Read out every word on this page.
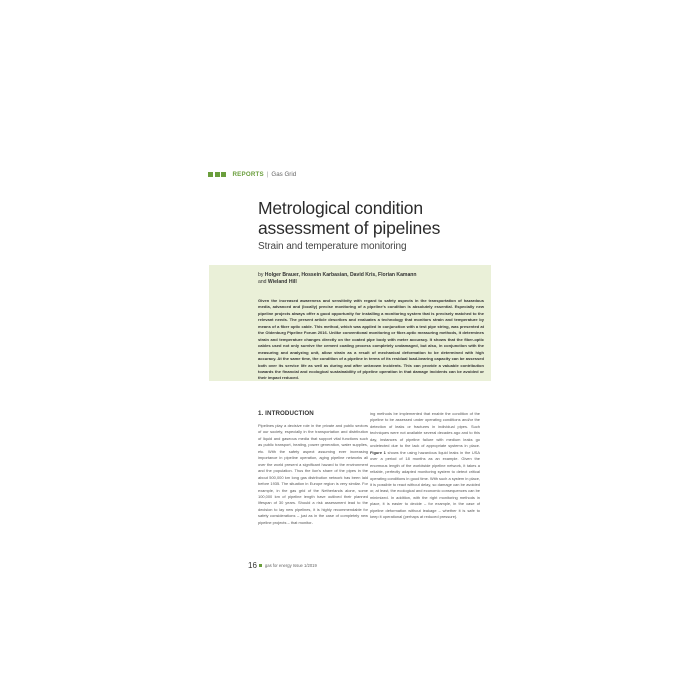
REPORTS | Gas Grid
Metrological condition
assessment of pipelines
Strain and temperature monitoring
by Holger Brauer, Hossein Karbasian, David Kris, Florian Kamann
and Wieland Hill
Given the increased awareness and sensitivity with regard to safety aspects in the transportation of hazardous media, advanced and (locally) precise monitoring of a pipeline's condition is absolutely essential. Especially new pipeline projects always offer a good opportunity for installing a monitoring system that is precisely matched to the relevant needs. The present article describes and evaluates a technology that monitors strain and temperature by means of a fiber optic cable. This method, which was applied in conjunction with a test pipe string, was presented at the Oldenburg Pipeline Forum 2016. Unlike conventional monitoring or fiber-optic measuring methods, it determines strain and temperature changes directly on the coated pipe body with meter accuracy. It shows that the fiber-optic cables used not only survive the cement coating process completely undamaged, but also, in conjunction with the measuring and analyzing unit, allow strain as a result of mechanical deformation to be determined with high accuracy. At the same time, the condition of a pipeline in terms of its residual load-bearing capacity can be assessed both over its service life as well as during and after unknown incidents. This can provide a valuable contribution towards the financial and ecological sustainability of pipeline operation in that damage incidents can be avoided or their impact reduced.
1. INTRODUCTION
Pipelines play a decisive role in the private and public sectors of our society, especially in the transportation and distribution of liquid and gaseous media that support vital functions such as public transport, heating, power generation, water supplies, etc. With the safety aspect assuming ever increasing importance in pipeline operation, aging pipeline networks all over the world present a significant hazard to the environment and the population. Thus the lion's share of the pipes in the about 500,000 km long gas distribution network has been laid before 1935. The situation in Europe region is very similar. For example, in the gas grid of the Netherlands alone, some 100,000 km of pipeline length have outlived their planned lifespan of 30 years. Should a risk assessment lead to the decision to lay new pipelines, it is highly recommendable for safety considerations – just as in the case of completely new pipeline projects – that monitor-
ing methods be implemented that enable the condition of the pipeline to be assessed under operating conditions and/or the detection of leaks or fractures in individual pipes. Such techniques were not available several decades ago and to this day, instances of pipeline failure with medium leaks go undetected due to the lack of appropriate systems in place. Figure 1 shows the using hazardous liquid leaks in the USA over a period of 18 months as an example. Given the enormous length of the worldwide pipeline network, it takes a reliable, perfectly adapted monitoring system to detect critical operating conditions in good time. With such a system in place, it is possible to react without delay, so damage can be avoided or, at least, the ecological and economic consequences can be minimized. In addition, with the right monitoring methods in place, it is easier to decide – for example, in the case of pipeline deformation without leakage – whether it is safe to keep it operational (perhaps at reduced pressure).
16 gas for energy Issue 1/2019
